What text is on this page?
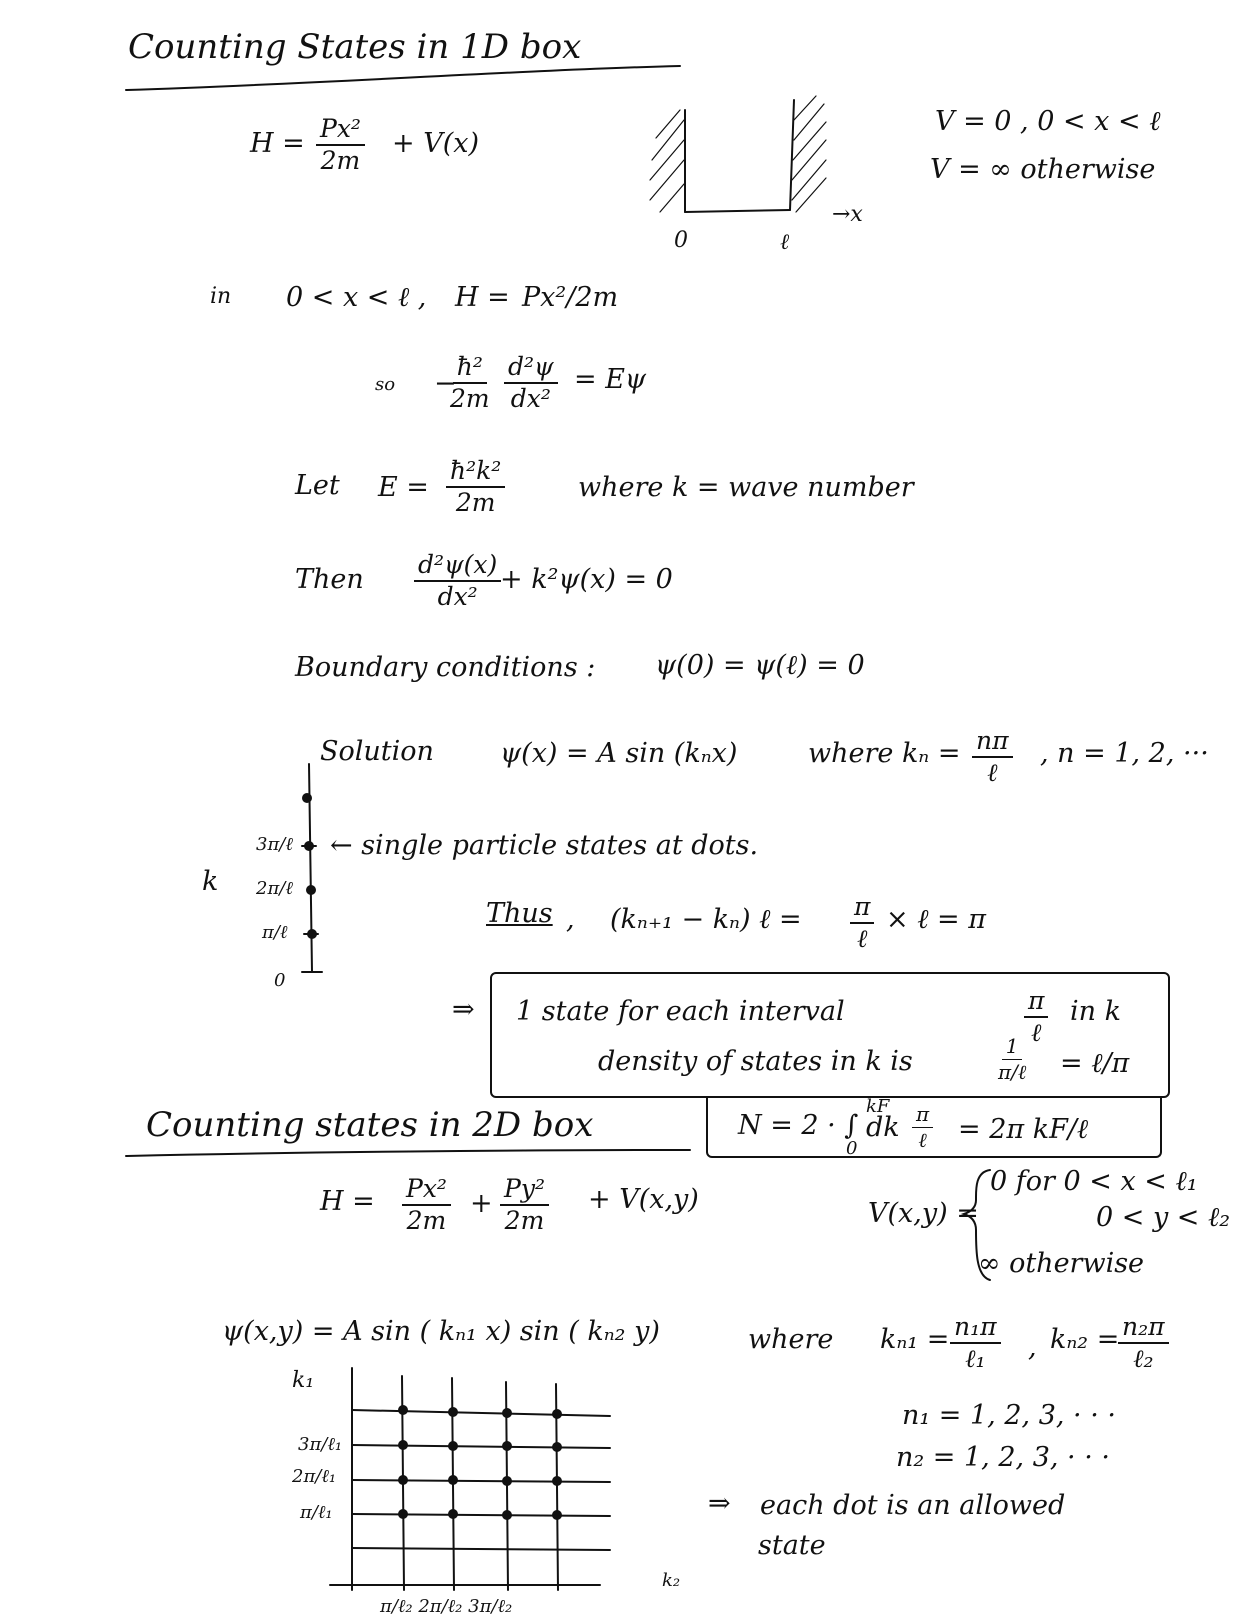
Counting States in 1D box
$H = \frac{\text{Px²}}{2m} + V(x)$
V = 0 , 0 < x < ℓ
V = ∞ otherwise
0	ℓ
→x
in 0 < x < ℓ , H = Px²/2m
so −
$\frac{\text{ħ²}}{2m} \frac{\text{d²ψ}}{\text{dx²}} = E\psi$
Let $E = \frac{\text{ħ²k²}}{2m}$	where k = wave number
Then $\frac{\text{d²ψ(x)}}{\text{dx²}}$
+ k²ψ(x) = 0
Boundary conditions : ψ(0) = ψ(ℓ) = 0
Solution ψ(x) = A sin (kₙx)	where kₙ = nπ
ℓ
, n = 1, 2, ···
k
3π/ℓ
2π/ℓ
π/ℓ
0
← single particle states at dots.
Thus , (kₙ₊₁ − kₙ) ℓ = π
ℓ
× ℓ = π
⇒ 1 state for each interval	π
ℓ
in k
density of states in k is	1
π/ℓ = ℓ/π
N = 2 · ∫
kF
0
dk π
ℓ = 2π kF/ℓ
Counting states in 2D box
$H = \frac{\text{Px²}}{2m} + \frac{\text{Py²}}{2m} + V(x,y)$	V(x,y) =
0 for 0 < x < ℓ₁
0 < y < ℓ₂
∞ otherwise
ψ(x,y) = A sin ( kₙ₁ x) sin ( kₙ₂ y)	where kₙ₁ = n₁π
ℓ₁ , kₙ₂ = n₂π
ℓ₂
n₁ = 1, 2, 3, · · ·
n₂ = 1, 2, 3, · · ·
k₁
3π/ℓ₁
2π/ℓ₁
π/ℓ₁
k₂
π/ℓ₂ 2π/ℓ₂ 3π/ℓ₂
⇒ each dot is an allowed
state
